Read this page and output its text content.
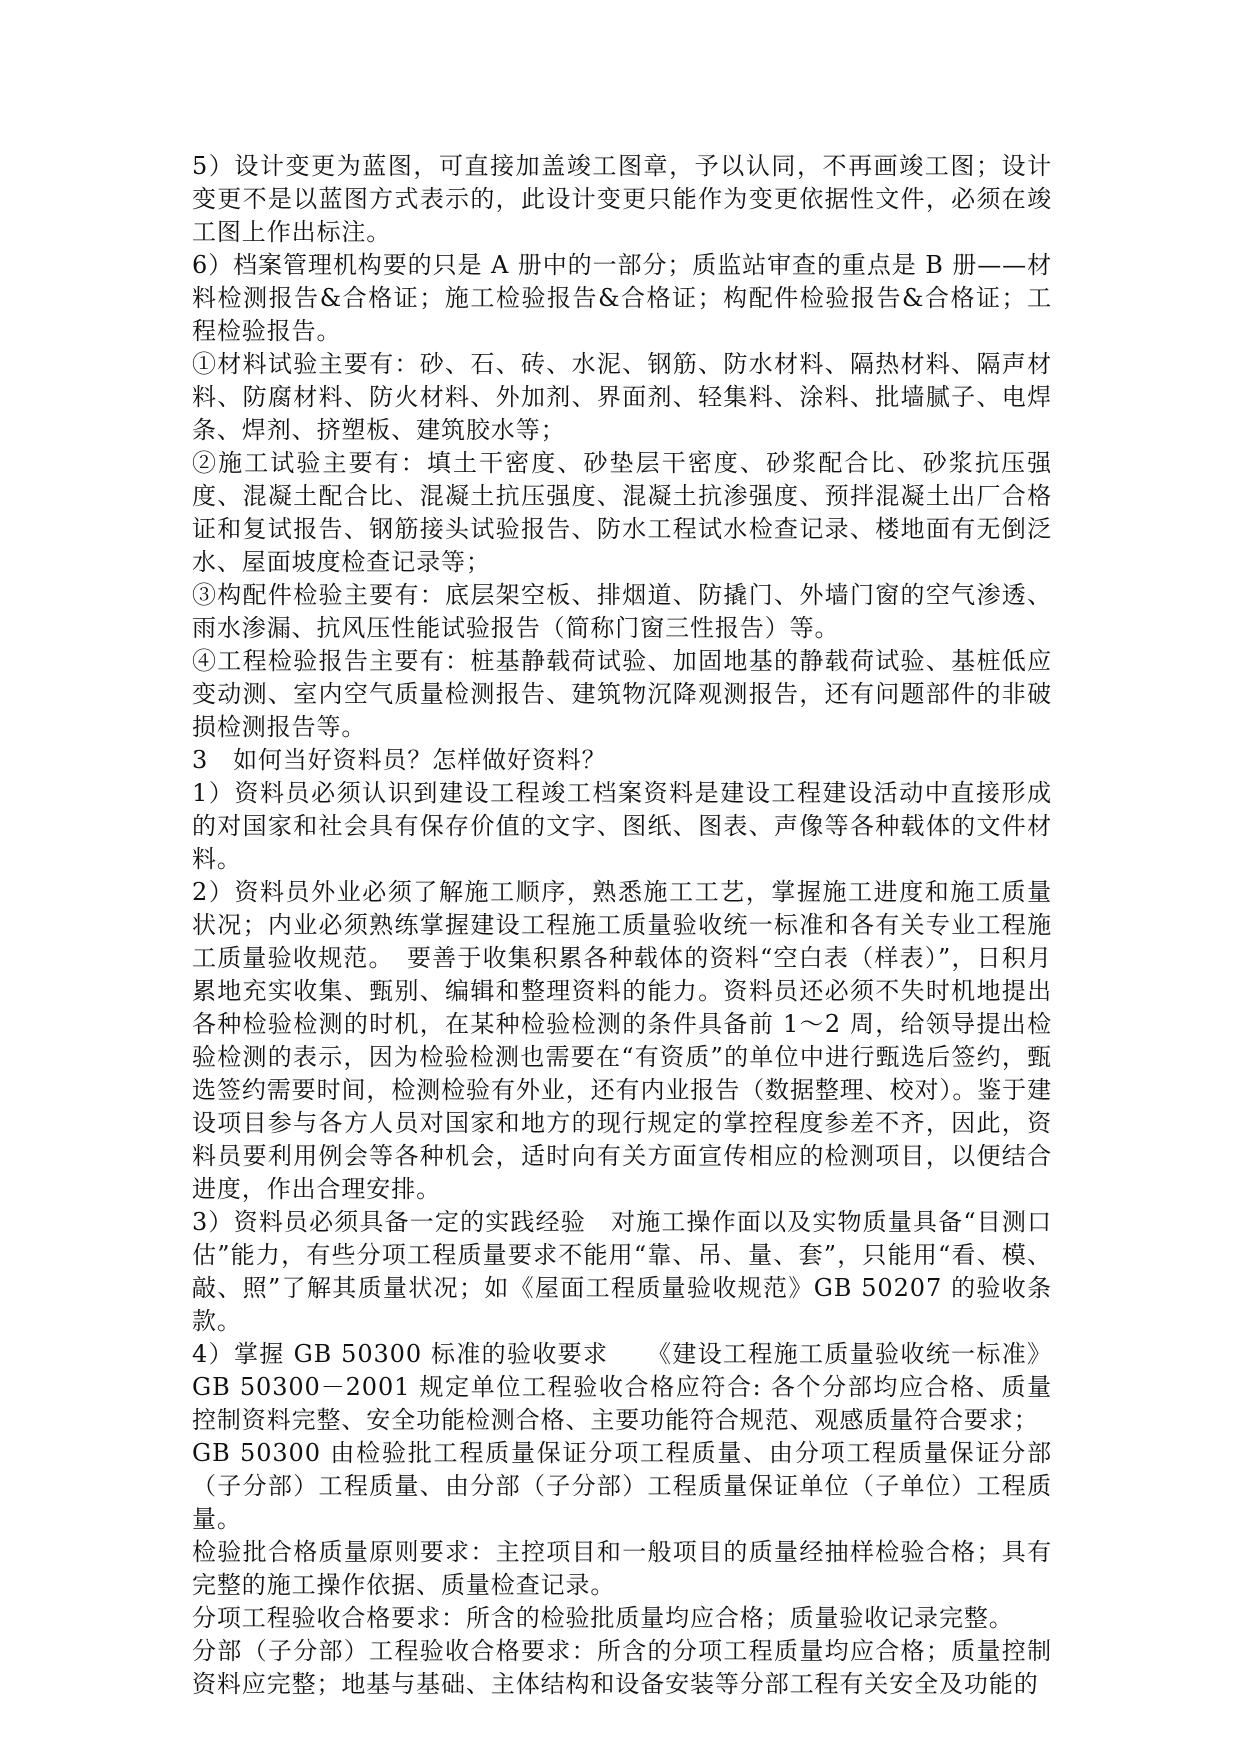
5）设计变更为蓝图，可直接加盖竣工图章，予以认同，不再画竣工图；设计变更不是以蓝图方式表示的，此设计变更只能作为变更依据性文件，必须在竣工图上作出标注。

6）档案管理机构要的只是 A 册中的一部分；质监站审查的重点是 B 册——材料检测报告&合格证；施工检验报告&合格证；构配件检验报告&合格证；工程检验报告。

①材料试验主要有：砂、石、砖、水泥、钢筋、防水材料、隔热材料、隔声材料、防腐材料、防火材料、外加剂、界面剂、轻集料、涂料、批墙腻子、电焊条、焊剂、挤塑板、建筑胶水等；

②施工试验主要有：填土干密度、砂垫层干密度、砂浆配合比、砂浆抗压强度、混凝土配合比、混凝土抗压强度、混凝土抗渗强度、预拌混凝土出厂合格证和复试报告、钢筋接头试验报告、防水工程试水检查记录、楼地面有无倒泛水、屋面坡度检查记录等；

③构配件检验主要有：底层架空板、排烟道、防撬门、外墙门窗的空气渗透、雨水渗漏、抗风压性能试验报告（简称门窗三性报告）等。

④工程检验报告主要有：桩基静载荷试验、加固地基的静载荷试验、基桩低应变动测、室内空气质量检测报告、建筑物沉降观测报告，还有问题部件的非破损检测报告等。

3　如何当好资料员？怎样做好资料？

1）资料员必须认识到建设工程竣工档案资料是建设工程建设活动中直接形成的对国家和社会具有保存价值的文字、图纸、图表、声像等各种载体的文件材料。

2）资料员外业必须了解施工顺序，熟悉施工工艺，掌握施工进度和施工质量状况；内业必须熟练掌握建设工程施工质量验收统一标准和各有关专业工程施工质量验收规范。　要善于收集积累各种载体的资料“空白表（样表）”，日积月累地充实收集、甄别、编辑和整理资料的能力。资料员还必须不失时机地提出各种检验检测的时机，在某种检验检测的条件具备前 1～2 周，给领导提出检验检测的表示，因为检验检测也需要在“有资质”的单位中进行甄选后签约，甄选签约需要时间，检测检验有外业，还有内业报告（数据整理、校对）。鉴于建设项目参与各方人员对国家和地方的现行规定的掌控程度参差不齐，因此，资料员要利用例会等各种机会，适时向有关方面宣传相应的检测项目，以便结合进度，作出合理安排。

3）资料员必须具备一定的实践经验　对施工操作面以及实物质量具备“目测口估”能力，有些分项工程质量要求不能用“靠、吊、量、套”，只能用“看、模、敲、照”了解其质量状况；如《屋面工程质量验收规范》GB 50207 的验收条款。

4）掌握 GB 50300 标准的验收要求　　《建设工程施工质量验收统一标准》GB 50300－2001 规定单位工程验收合格应符合: 各个分部均应合格、质量控制资料完整、安全功能检测合格、主要功能符合规范、观感质量符合要求；

GB 50300 由检验批工程质量保证分项工程质量、由分项工程质量保证分部（子分部）工程质量、由分部（子分部）工程质量保证单位（子单位）工程质量。

检验批合格质量原则要求：主控项目和一般项目的质量经抽样检验合格；具有完整的施工操作依据、质量检查记录。

分项工程验收合格要求：所含的检验批质量均应合格；质量验收记录完整。

分部（子分部）工程验收合格要求：所含的分项工程质量均应合格；质量控制资料应完整；地基与基础、主体结构和设备安装等分部工程有关安全及功能的
